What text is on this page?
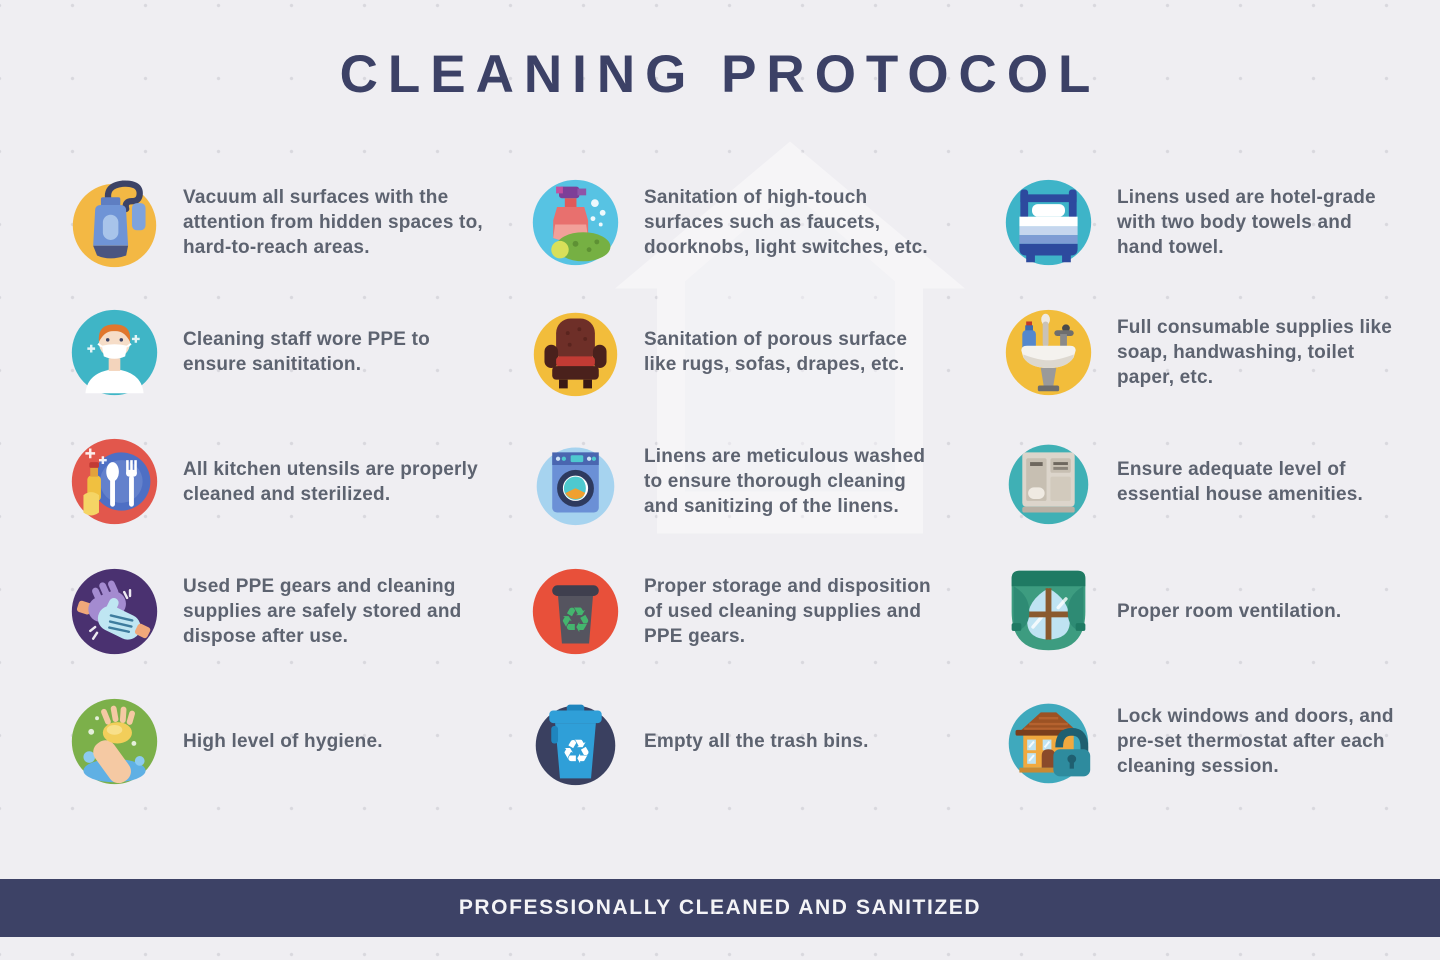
CLEANING PROTOCOL

Vacuum all surfaces with the attention from hidden spaces to, hard-to-reach areas.

Cleaning staff wore PPE to ensure sanititation.

All kitchen utensils are properly cleaned and sterilized.

Used PPE gears and cleaning supplies are safely stored and dispose after use.

High level of hygiene.

Sanitation of high-touch surfaces such as faucets, doorknobs, light switches, etc.

Sanitation of porous surface like rugs, sofas, drapes, etc.

Linens are meticulous washed to ensure thorough cleaning and sanitizing of the linens.

♻

Proper storage and disposition of used cleaning supplies and PPE gears.

♻	Empty all the trash bins.

Linens used are hotel-grade with two body towels and hand towel.

Full consumable supplies like soap, handwashing, toilet paper, etc.

Ensure adequate level of essential house amenities.

Proper room ventilation.

Lock windows and doors, and pre-set thermostat after each cleaning session.

PROFESSIONALLY CLEANED AND SANITIZED
